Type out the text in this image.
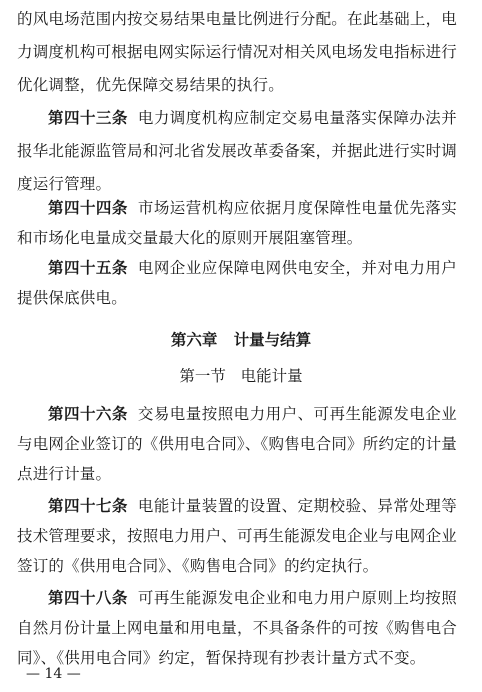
的风电场范围内按交易结果电量比例进行分配。在此基础上，电
力调度机构可根据电网实际运行情况对相关风电场发电指标进行
优化调整，优先保障交易结果的执行。
第四十三条 电力调度机构应制定交易电量落实保障办法并
报华北能源监管局和河北省发展改革委备案，并据此进行实时调
度运行管理。
第四十四条 市场运营机构应依据月度保障性电量优先落实
和市场化电量成交量最大化的原则开展阻塞管理。
第四十五条 电网企业应保障电网供电安全，并对电力用户
提供保底供电。
第六章   计量与结算
第一节   电能计量
第四十六条 交易电量按照电力用户、可再生能源发电企业
与电网企业签订的《供用电合同》、《购售电合同》所约定的计量
点进行计量。
第四十七条 电能计量装置的设置、定期校验、异常处理等
技术管理要求，按照电力用户、可再生能源发电企业与电网企业
签订的《供用电合同》、《购售电合同》的约定执行。
第四十八条 可再生能源发电企业和电力用户原则上均按照
自然月份计量上网电量和用电量，不具备条件的可按《购售电合
同》、《供用电合同》约定，暂保持现有抄表计量方式不变。
— 14 —
